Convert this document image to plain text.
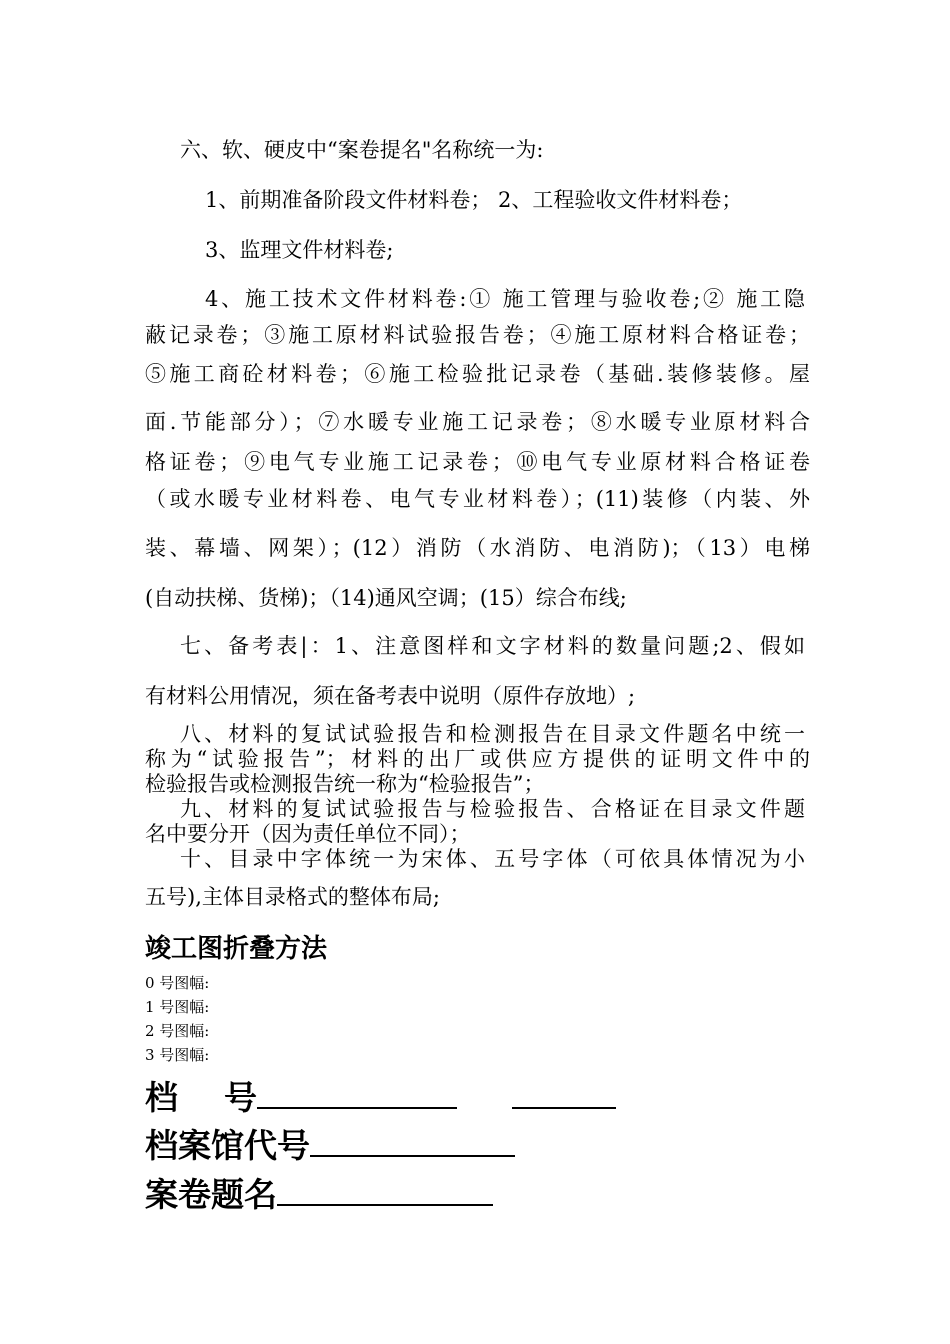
六、软、硬皮中“案卷提名"名称统一为:
1、前期准备阶段文件材料卷； 2、工程验收文件材料卷；
3、监理文件材料卷;
4、施工技术文件材料卷:① 施工管理与验收卷;② 施工隐
蔽记录卷；③施工原材料试验报告卷；④施工原材料合格证卷；
⑤施工商砼材料卷；⑥施工检验批记录卷（基础.装修装修。屋
面.节能部分）；⑦水暖专业施工记录卷；⑧水暖专业原材料合
格证卷；⑨电气专业施工记录卷；⑩电气专业原材料合格证卷
（或水暖专业材料卷、电气专业材料卷）；(11)装修（内装、外
装、幕墙、网架）；(12）消防（水消防、电消防)；（13）电梯
(自动扶梯、货梯)；（14)通风空调；(15）综合布线;
七、备考表|：1、注意图样和文字材料的数量问题;2、假如
有材料公用情况，须在备考表中说明（原件存放地）;
八、材料的复试试验报告和检测报告在目录文件题名中统一
称为“试验报告”；材料的出厂或供应方提供的证明文件中的
检验报告或检测报告统一称为“检验报告”；
九、材料的复试试验报告与检验报告、合格证在目录文件题
名中要分开（因为责任单位不同）；
十、目录中字体统一为宋体、五号字体（可依具体情况为小
五号),主体目录格式的整体布局;
竣工图折叠方法
0 号图幅:
1 号图幅:
2 号图幅:
3 号图幅:
档    号
档案馆代号
案卷题名
